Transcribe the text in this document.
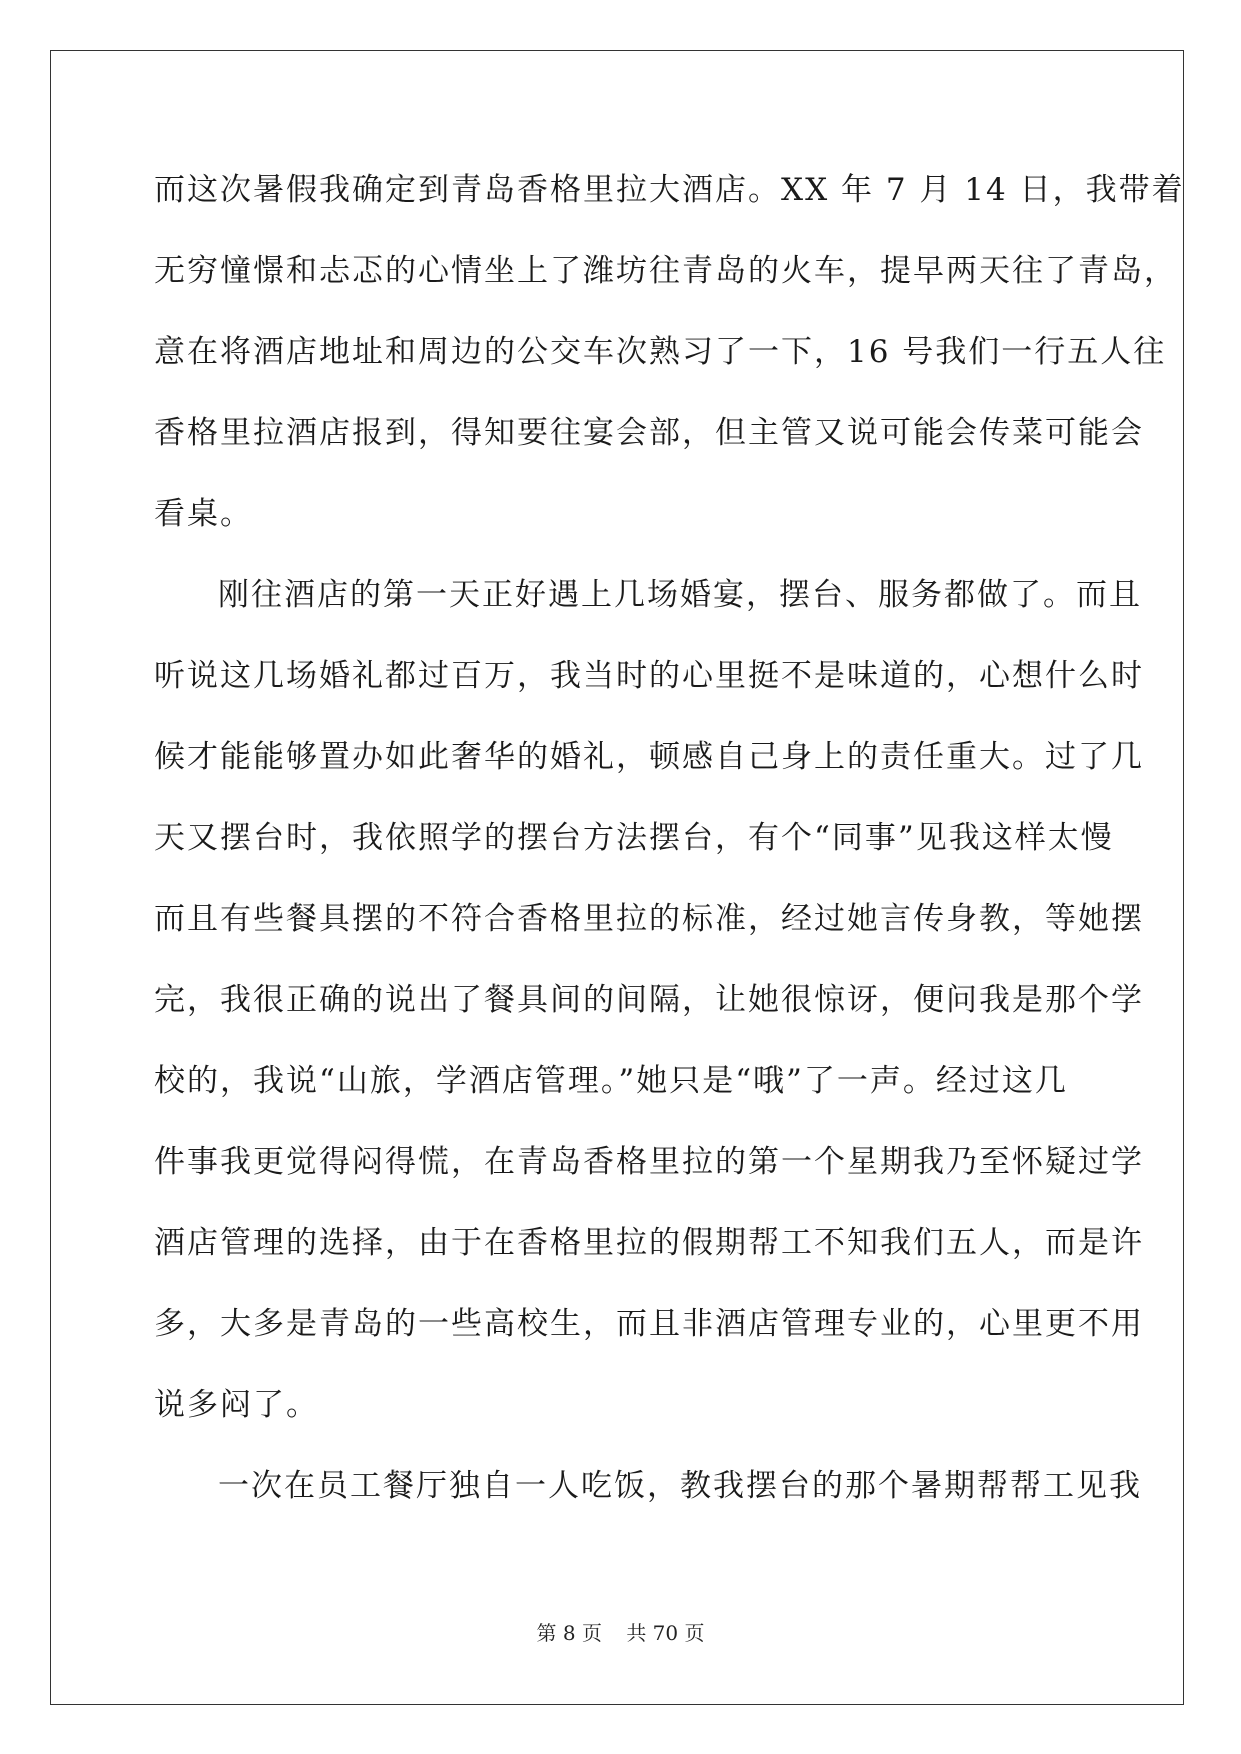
而这次暑假我确定到青岛香格里拉大酒店。XX 年 7 月 14 日，我带着
无穷憧憬和忐忑的心情坐上了潍坊往青岛的火车，提早两天往了青岛，
意在将酒店地址和周边的公交车次熟习了一下，16 号我们一行五人往
香格里拉酒店报到，得知要往宴会部，但主管又说可能会传菜可能会
看桌。
刚往酒店的第一天正好遇上几场婚宴，摆台、服务都做了。而且
听说这几场婚礼都过百万，我当时的心里挺不是味道的，心想什么时
候才能能够置办如此奢华的婚礼，顿感自己身上的责任重大。过了几
天又摆台时，我依照学的摆台方法摆台，有个“同事”见我这样太慢
而且有些餐具摆的不符合香格里拉的标准，经过她言传身教，等她摆
完，我很正确的说出了餐具间的间隔，让她很惊讶，便问我是那个学
校的，我说“山旅，学酒店管理。”她只是“哦”了一声。经过这几
件事我更觉得闷得慌，在青岛香格里拉的第一个星期我乃至怀疑过学
酒店管理的选择，由于在香格里拉的假期帮工不知我们五人，而是许
多，大多是青岛的一些高校生，而且非酒店管理专业的，心里更不用
说多闷了。
一次在员工餐厅独自一人吃饭，教我摆台的那个暑期帮帮工见我
第 8 页 共 70 页
